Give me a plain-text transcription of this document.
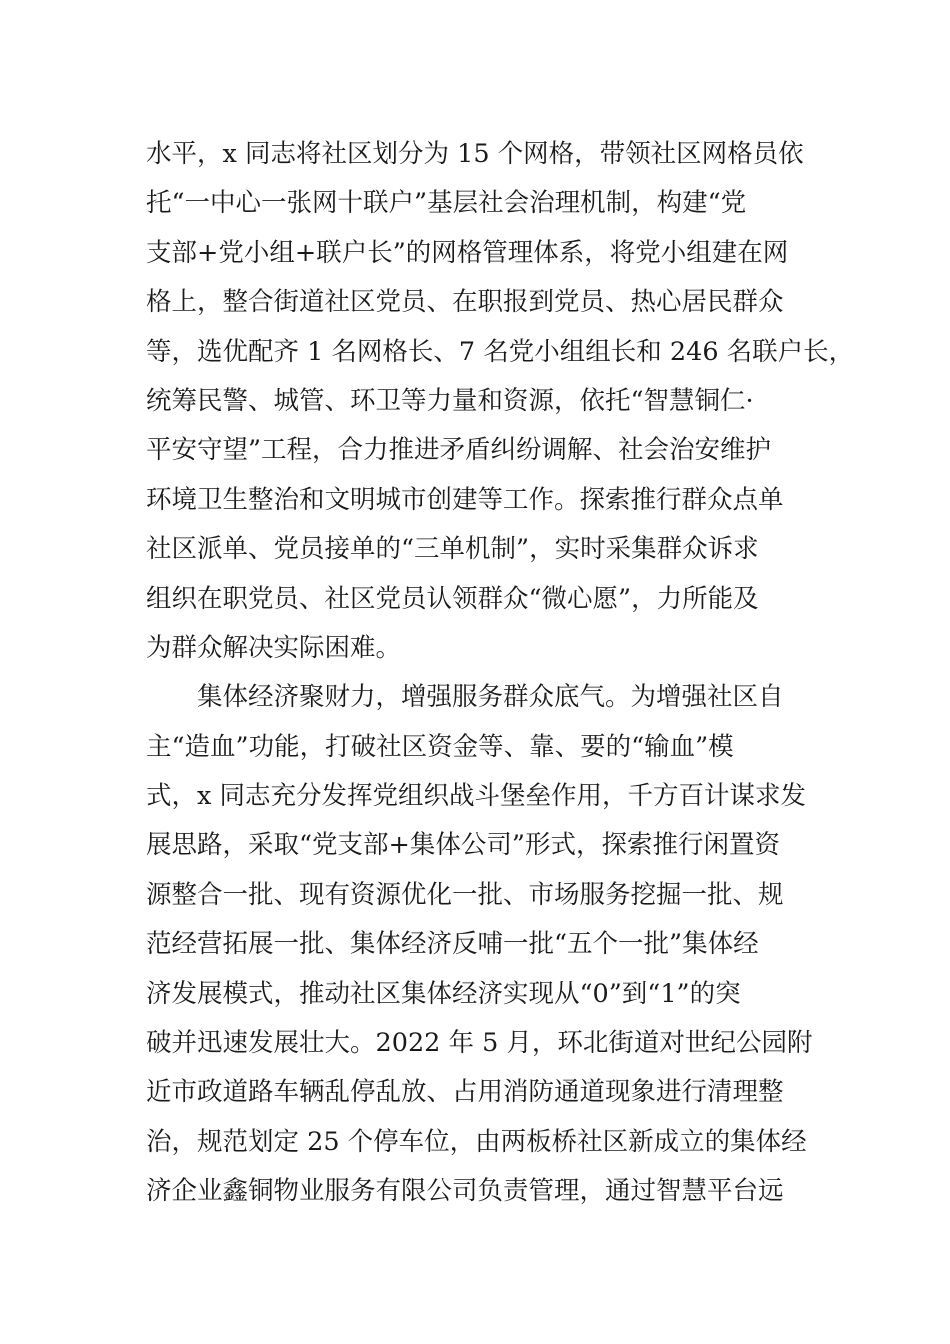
水平，x 同志将社区划分为 15 个网格，带领社区网格员依
托“一中心一张网十联户”基层社会治理机制，构建“党
支部+党小组+联户长”的网格管理体系，将党小组建在网
格上，整合街道社区党员、在职报到党员、热心居民群众
等，选优配齐 1 名网格长、7 名党小组组长和 246 名联户长，
统筹民警、城管、环卫等力量和资源，依托“智慧铜仁·
平安守望”工程，合力推进矛盾纠纷调解、社会治安维护
环境卫生整治和文明城市创建等工作。探索推行群众点单
社区派单、党员接单的“三单机制”，实时采集群众诉求
组织在职党员、社区党员认领群众“微心愿”，力所能及
为群众解决实际困难。
集体经济聚财力，增强服务群众底气。为增强社区自
主“造血”功能，打破社区资金等、靠、要的“输血”模
式，x 同志充分发挥党组织战斗堡垒作用，千方百计谋求发
展思路，采取“党支部+集体公司”形式，探索推行闲置资
源整合一批、现有资源优化一批、市场服务挖掘一批、规
范经营拓展一批、集体经济反哺一批“五个一批”集体经
济发展模式，推动社区集体经济实现从“0”到“1”的突
破并迅速发展壮大。2022 年 5 月，环北街道对世纪公园附
近市政道路车辆乱停乱放、占用消防通道现象进行清理整
治，规范划定 25 个停车位，由两板桥社区新成立的集体经
济企业鑫铜物业服务有限公司负责管理，通过智慧平台远
